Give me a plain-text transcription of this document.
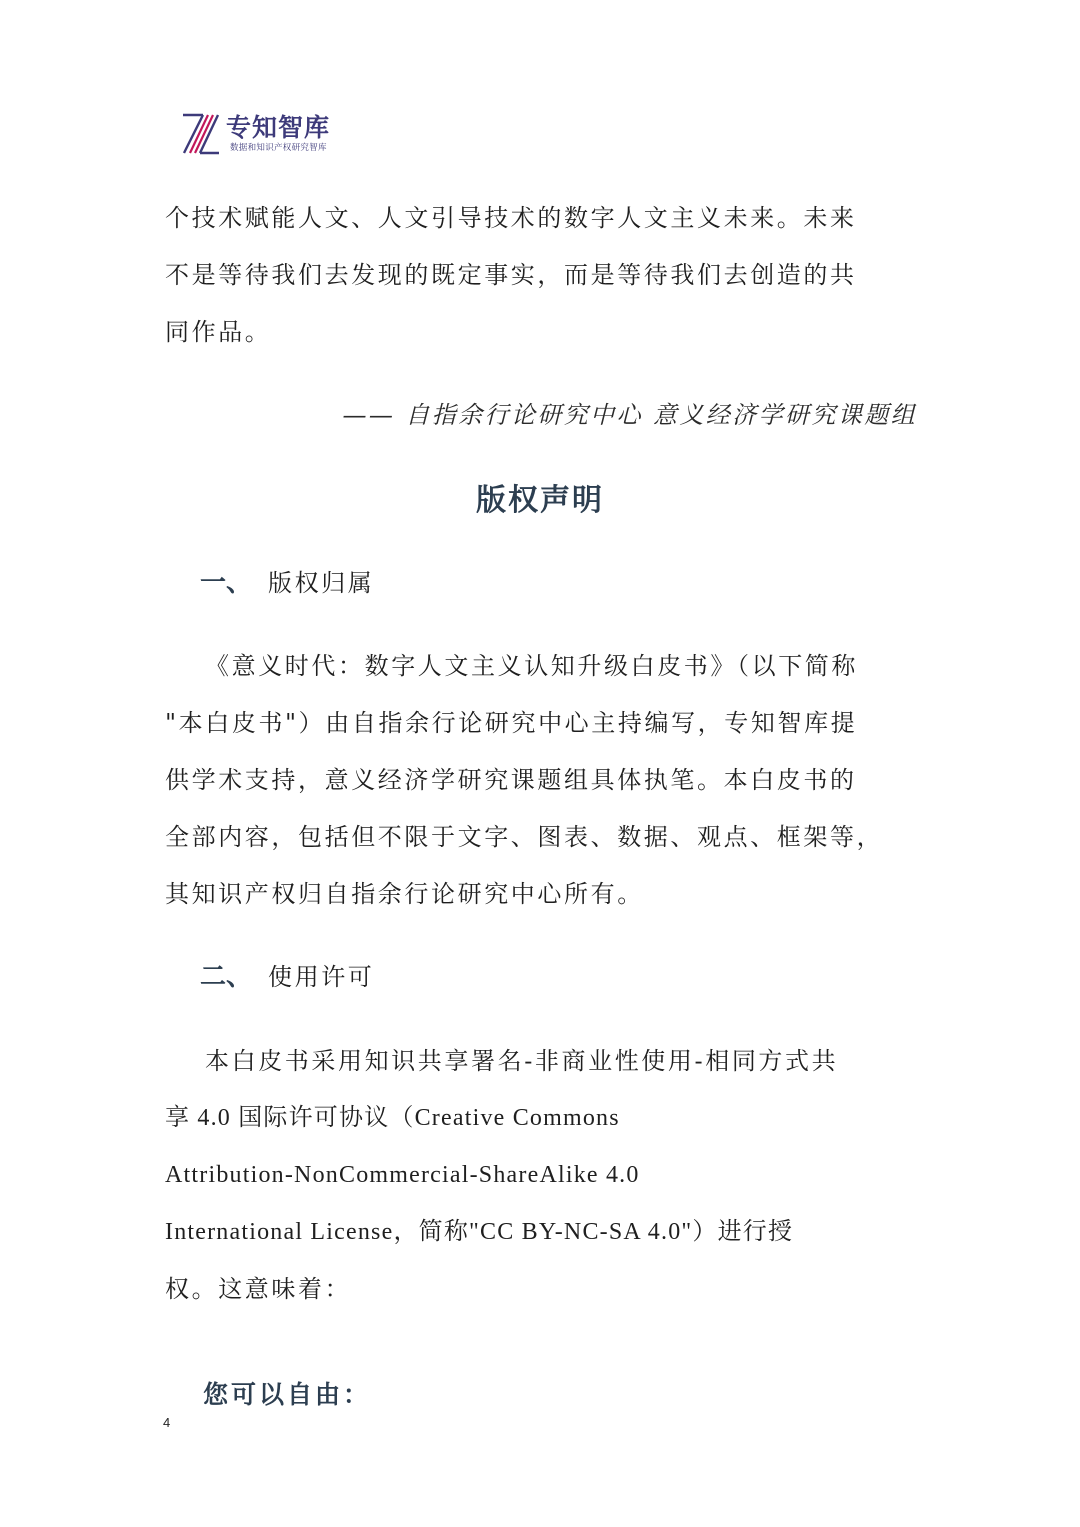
专知智库
数据和知识产权研究智库

个技术赋能人文、人文引导技术的数字人文主义未来。未来

不是等待我们去发现的既定事实，而是等待我们去创造的共

同作品。

—— 自指余行论研究中心 意义经济学研究课题组
版权声明
一、 版权归属

《意义时代：数字人文主义认知升级白皮书》（以下简称

"本白皮书"）由自指余行论研究中心主持编写，专知智库提

供学术支持，意义经济学研究课题组具体执笔。本白皮书的

全部内容，包括但不限于文字、图表、数据、观点、框架等，

其知识产权归自指余行论研究中心所有。

二、 使用许可

本白皮书采用知识共享署名-非商业性使用-相同方式共

享 4.0 国际许可协议（Creative Commons

Attribution-NonCommercial-ShareAlike 4.0

International License，简称"CC BY-NC-SA 4.0"）进行授

权。这意味着：

您可以自由：
4
